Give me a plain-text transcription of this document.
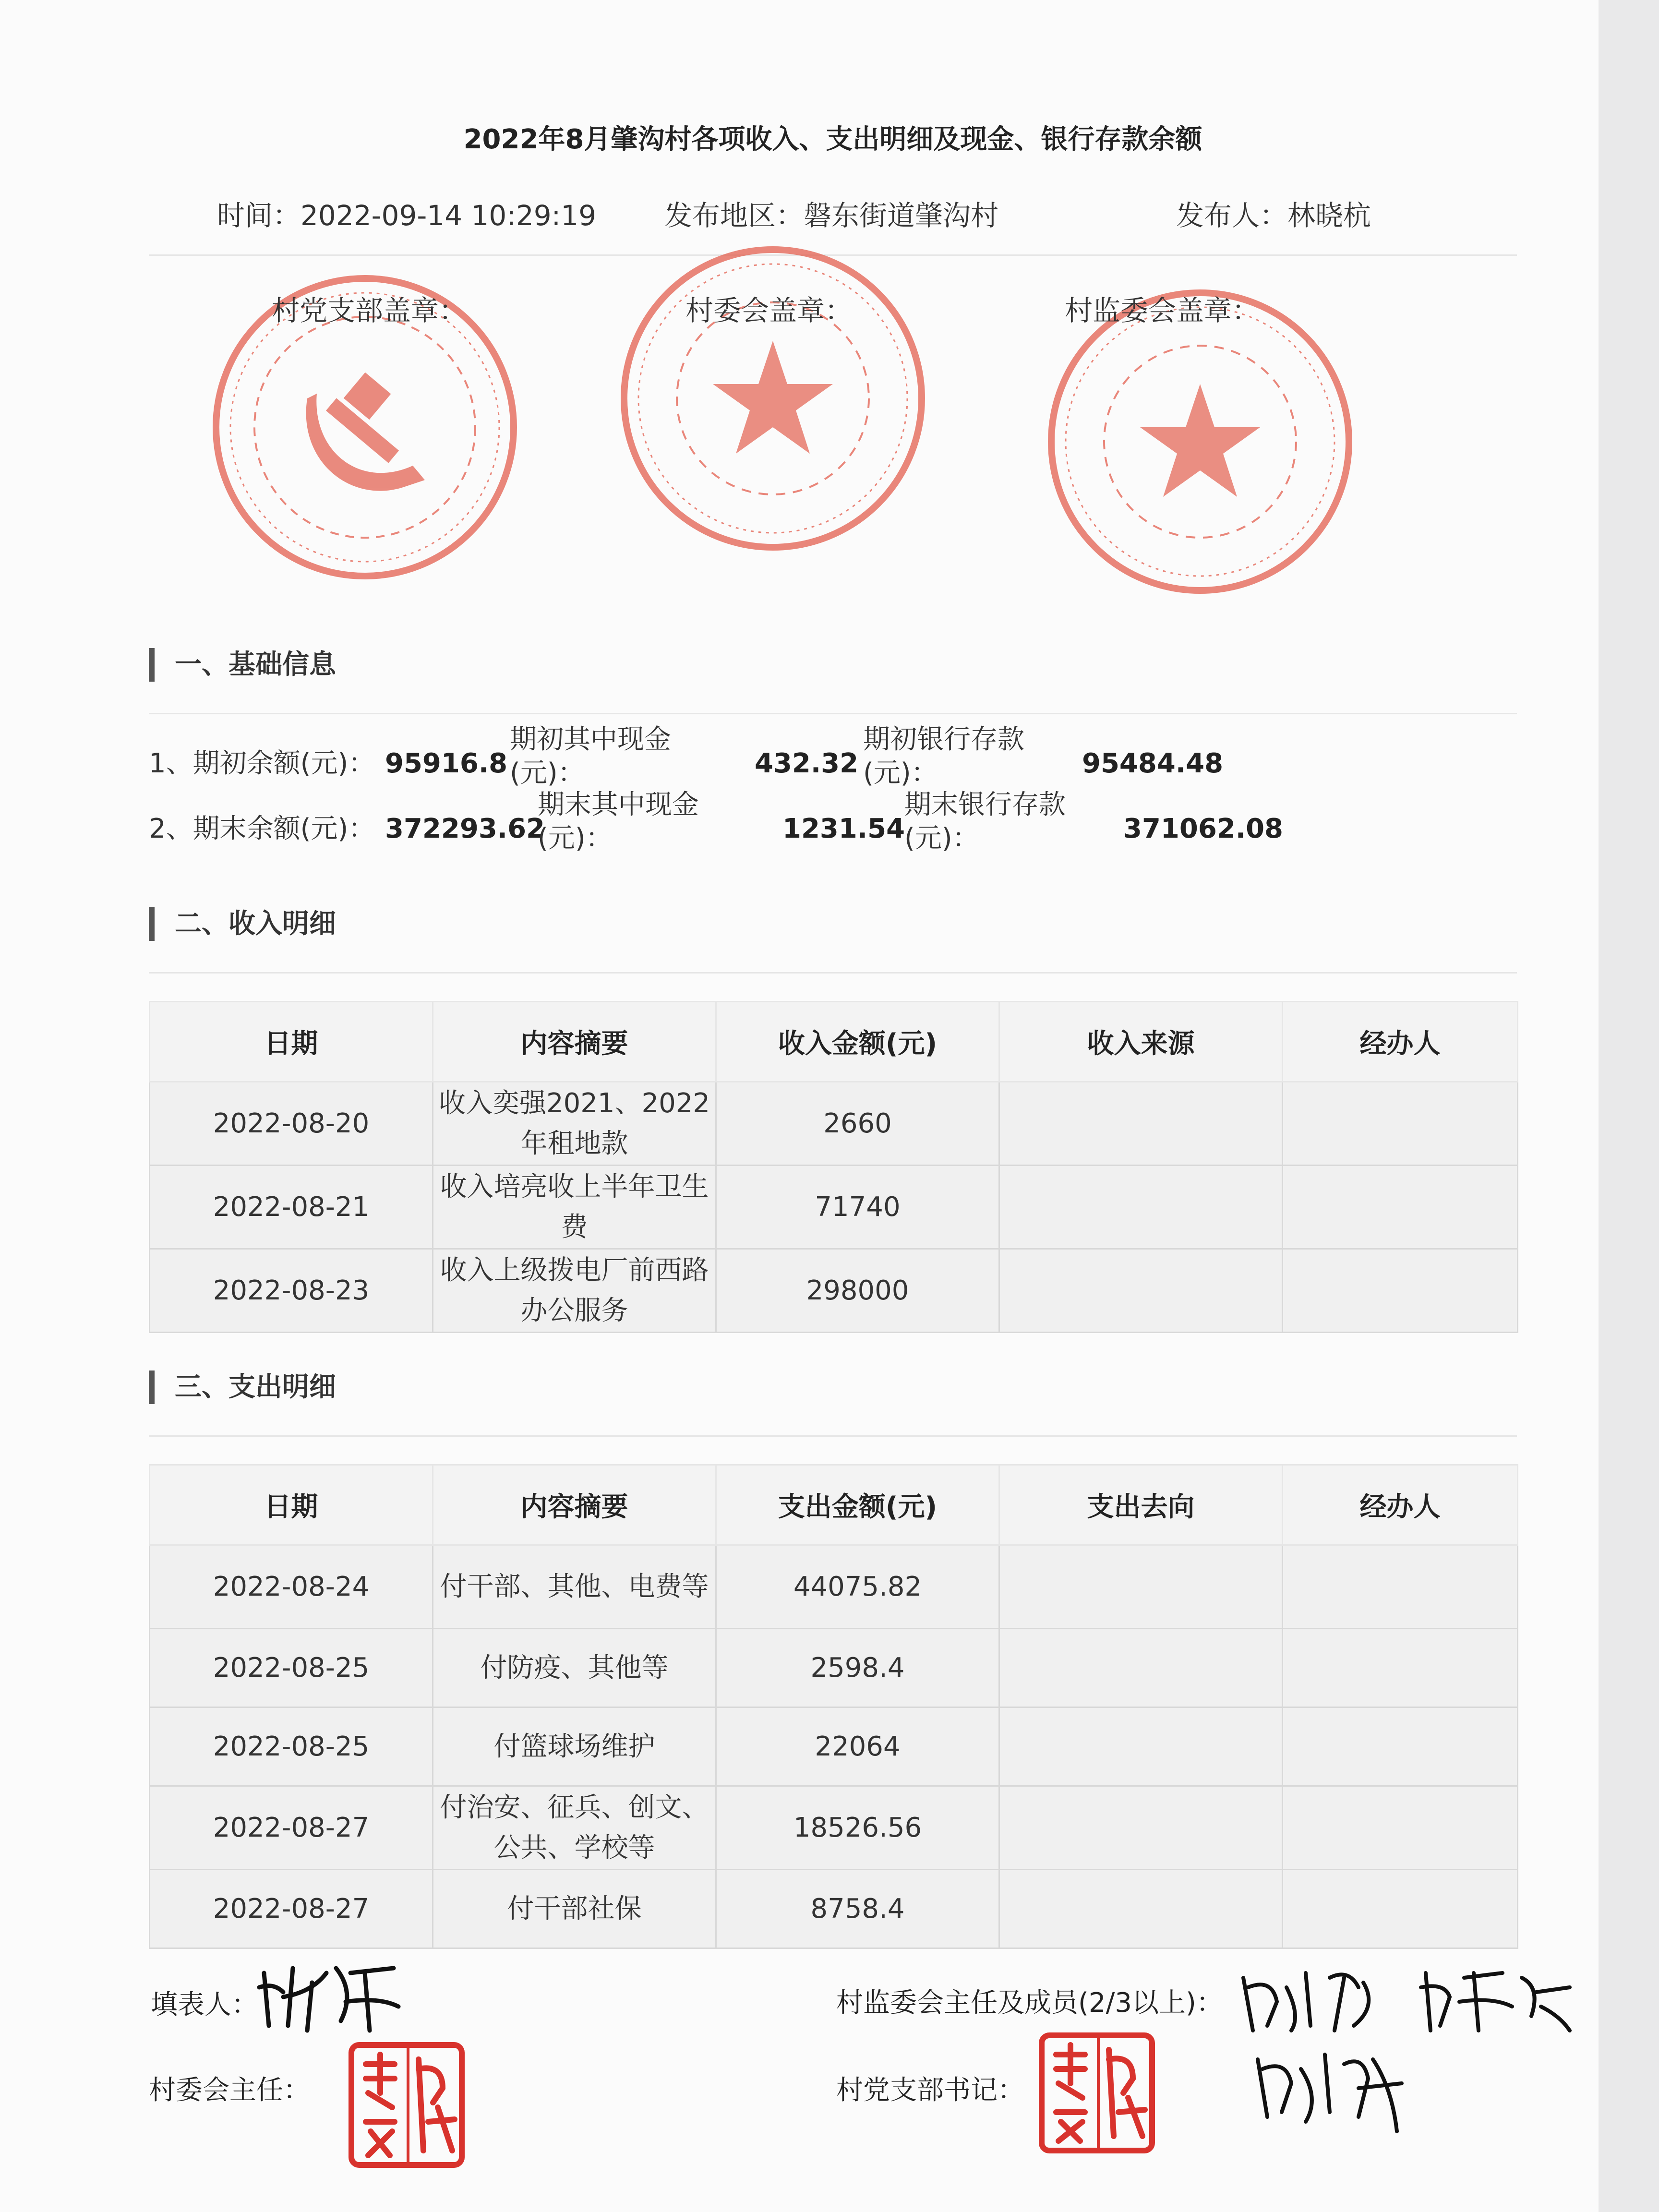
2022年8月肇沟村各项收入、支出明细及现金、银行存款余额
时间：2022-09-14 10:29:19 发布地区：磐东街道肇沟村	发布人：林晓杭
村党支部盖章：	村委会盖章：	村监委会盖章：
一、基础信息
1、期初余额(元)： 95916.8
期初其中现金(元)：	432.32
期初银行存款(元)：	95484.48
2、期末余额(元)： 372293.62
期末其中现金(元)：	1231.54
期末银行存款(元)：	371062.08
二、收入明细
日期	内容摘要	收入金额(元)	收入来源	经办人
2022-08-20	收入奕强2021、2022年租地款	2660		
2022-08-21	收入培亮收上半年卫生费	71740		
2022-08-23	收入上级拨电厂前西路办公服务	298000		
三、支出明细
日期	内容摘要	支出金额(元)	支出去向	经办人
2022-08-24	付干部、其他、电费等	44075.82		
2022-08-25	付防疫、其他等	2598.4		
2022-08-25	付篮球场维护	22064		
2022-08-27	付治安、征兵、创文、公共、学校等	18526.56		
2022-08-27	付干部社保	8758.4		
填表人：
村委会主任：
村监委会主任及成员(2/3以上)：
村党支部书记：
